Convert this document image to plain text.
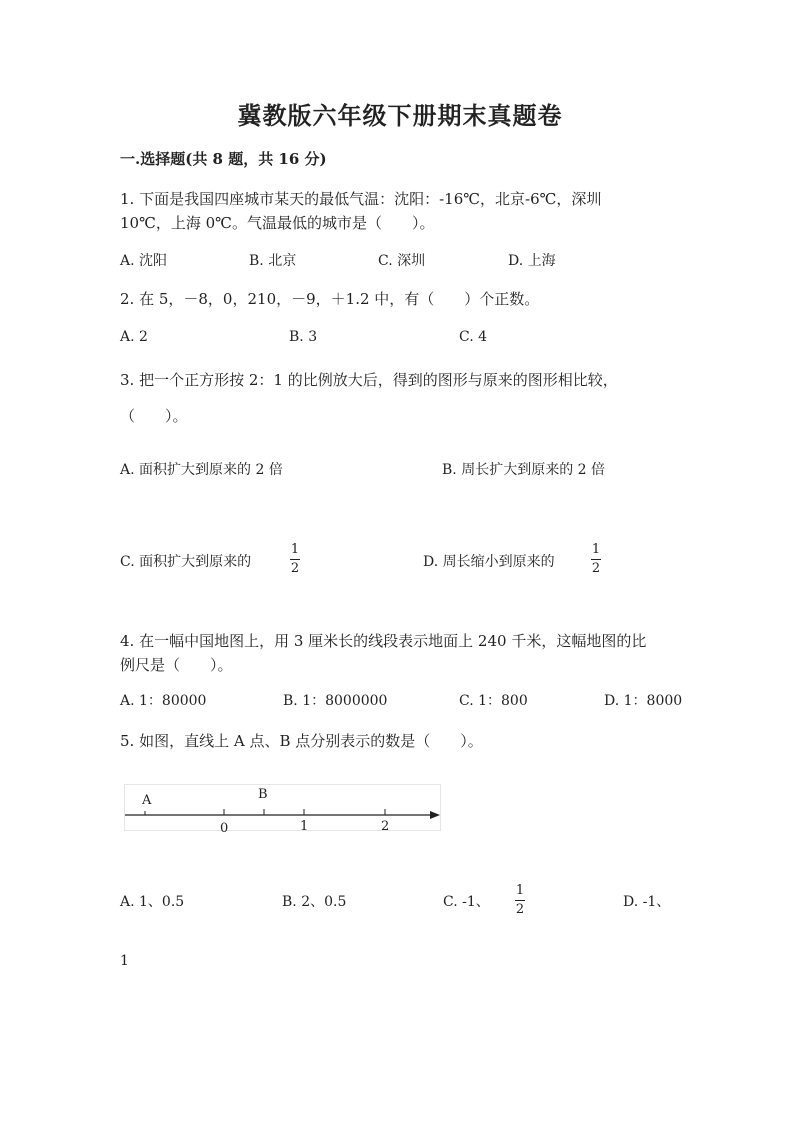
冀教版六年级下册期末真题卷
一.选择题(共 8 题，共 16 分)
1. 下面是我国四座城市某天的最低气温：沈阳：-16℃，北京-6℃，深圳
10℃，上海 0℃。气温最低的城市是（　　）。
A. 沈阳	B. 北京	C. 深圳	D. 上海
2. 在 5，－8，0，210，－9，＋1.2 中，有（　　）个正数。
A. 2	B. 3	C. 4
3. 把一个正方形按 2：1 的比例放大后，得到的图形与原来的图形相比较，
（　　）。
A. 面积扩大到原来的 2 倍	B. 周长扩大到原来的 2 倍
C. 面积扩大到原来的
1
2	D. 周长缩小到原来的
1
2
4. 在一幅中国地图上，用 3 厘米长的线段表示地面上 240 千米，这幅地图的比
例尺是（　　）。
A. 1：80000	B. 1：8000000	C. 1：800	D. 1：8000
5. 如图，直线上 A 点、B 点分别表示的数是（　　）。
A	B
0	1	2
A. 1、0.5	B. 2、0.5	C. -1、
1
2	D. -1、
1
